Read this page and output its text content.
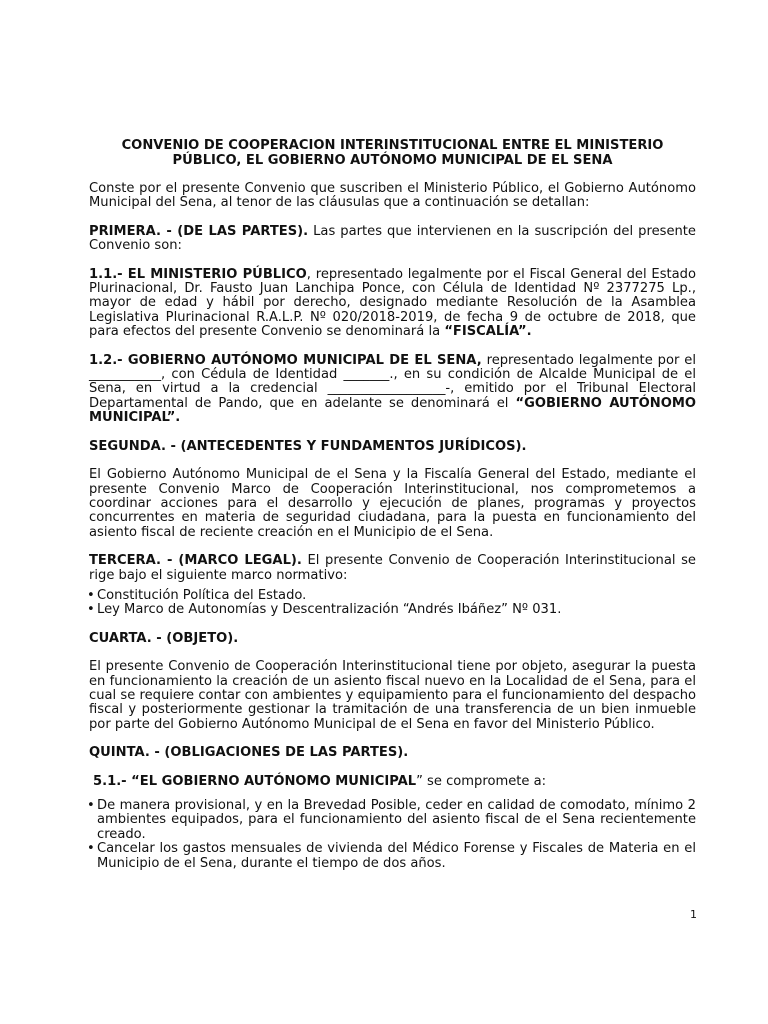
CONVENIO DE COOPERACION INTERINSTITUCIONAL ENTRE EL MINISTERIO PÚBLICO, EL GOBIERNO AUTÓNOMO MUNICIPAL DE EL SENA

Conste por el presente Convenio que suscriben el Ministerio Público, el Gobierno Autónomo Municipal del Sena, al tenor de las cláusulas que a continuación se detallan:

PRIMERA. - (DE LAS PARTES). Las partes que intervienen en la suscripción del presente Convenio son:

1.1.- EL MINISTERIO PÚBLICO, representado legalmente por el Fiscal General del Estado Plurinacional, Dr. Fausto Juan Lanchipa Ponce, con Célula de Identidad Nº 2377275 Lp., mayor de edad y hábil por derecho, designado mediante Resolución de la Asamblea Legislativa Plurinacional R.A.L.P. Nº 020/2018-2019, de fecha 9 de octubre de 2018, que para efectos del presente Convenio se denominará la “FISCALÍA”.

1.2.- GOBIERNO AUTÓNOMO MUNICIPAL DE EL SENA, representado legalmente por el ___________, con Cédula de Identidad _______., en su condición de Alcalde Municipal de el Sena, en virtud a la credencial __________________-, emitido por el Tribunal Electoral Departamental de Pando, que en adelante se denominará el “GOBIERNO AUTÓNOMO MUNICIPAL”.

SEGUNDA. - (ANTECEDENTES Y FUNDAMENTOS JURÍDICOS).

El Gobierno Autónomo Municipal de el Sena y la Fiscalía General del Estado, mediante el presente Convenio Marco de Cooperación Interinstitucional, nos comprometemos a coordinar acciones para el desarrollo y ejecución de planes, programas y proyectos concurrentes en materia de seguridad ciudadana, para la puesta en funcionamiento del asiento fiscal de reciente creación en el Municipio de el Sena.

TERCERA. - (MARCO LEGAL). El presente Convenio de Cooperación Interinstitucional se rige bajo el siguiente marco normativo:

• Constitución Política del Estado.
• Ley Marco de Autonomías y Descentralización “Andrés Ibáñez” Nº 031.
CUARTA. - (OBJETO).

El presente Convenio de Cooperación Interinstitucional tiene por objeto, asegurar la puesta en funcionamiento la creación de un asiento fiscal nuevo en la Localidad de el Sena, para el cual se requiere contar con ambientes y equipamiento para el funcionamiento del despacho fiscal y posteriormente gestionar la tramitación de una transferencia de un bien inmueble por parte del Gobierno Autónomo Municipal de el Sena en favor del Ministerio Público.

QUINTA. - (OBLIGACIONES DE LAS PARTES).

5.1.- “EL GOBIERNO AUTÓNOMO MUNICIPAL” se compromete a:

• De manera provisional, y en la Brevedad Posible, ceder en calidad de comodato, mínimo 2 ambientes equipados, para el funcionamiento del asiento fiscal de el Sena recientemente creado.
• Cancelar los gastos mensuales de vivienda del Médico Forense y Fiscales de Materia en el Municipio de el Sena, durante el tiempo de dos años.
1
